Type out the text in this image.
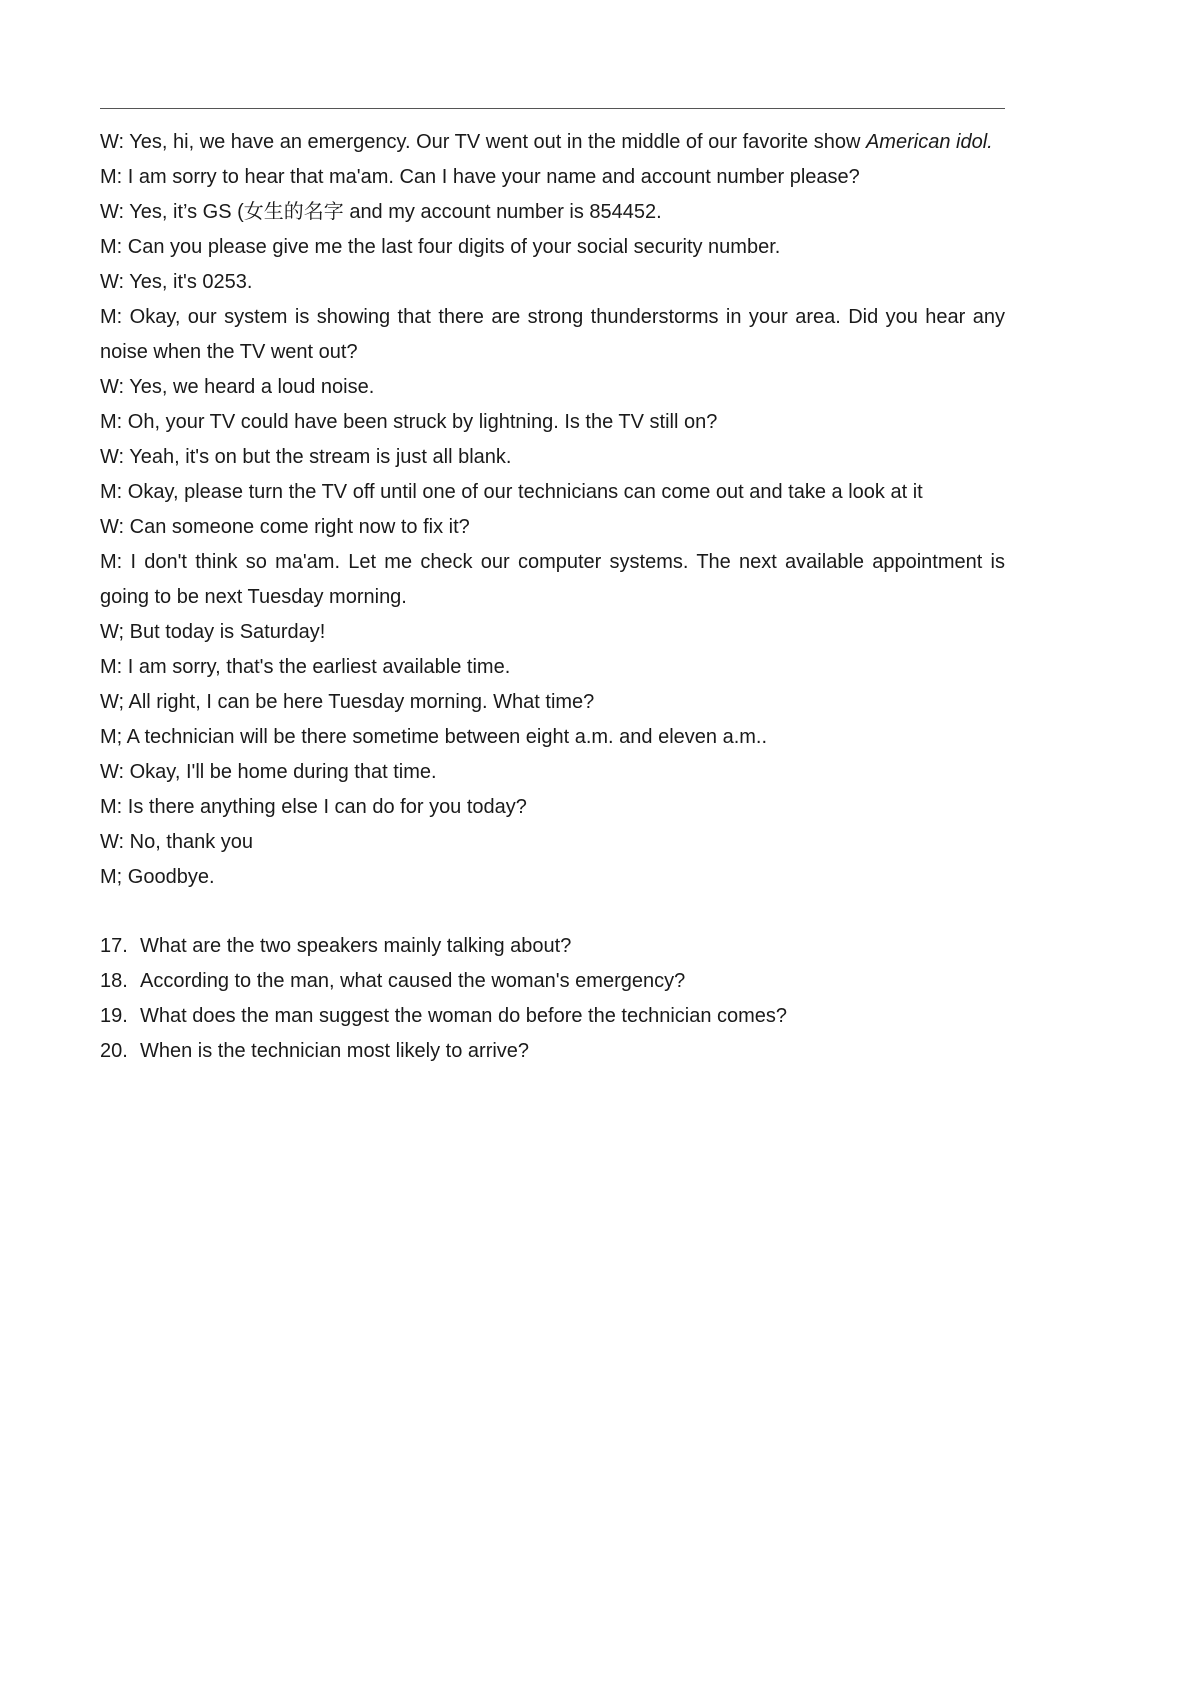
W: Yes, hi, we have an emergency. Our TV went out in the middle of our favorite show American idol.

M: I am sorry to hear that ma'am. Can I have your name and account number please?

W: Yes, it’s GS (女生的名字 and my account number is 854452.

M: Can you please give me the last four digits of your social security number.

W: Yes, it's 0253.

M: Okay, our system is showing that there are strong thunderstorms in your area. Did you hear any noise when the TV went out?

W: Yes, we heard a loud noise.

M: Oh, your TV could have been struck by lightning. Is the TV still on?

W: Yeah, it's on but the stream is just all blank.

M: Okay, please turn the TV off until one of our technicians can come out and take a look at it

W: Can someone come right now to fix it?

M: I don't think so ma'am. Let me check our computer systems. The next available appointment is going to be next Tuesday morning.

W; But today is Saturday!

M: I am sorry, that's the earliest available time.

W; All right, I can be here Tuesday morning. What time?

M; A technician will be there sometime between eight a.m. and eleven a.m..

W: Okay, I'll be home during that time.

M: Is there anything else I can do for you today?

W: No, thank you

M; Goodbye.

17. What are the two speakers mainly talking about?

18. According to the man, what caused the woman's emergency?

19. What does the man suggest the woman do before the technician comes?

20. When is the technician most likely to arrive?
